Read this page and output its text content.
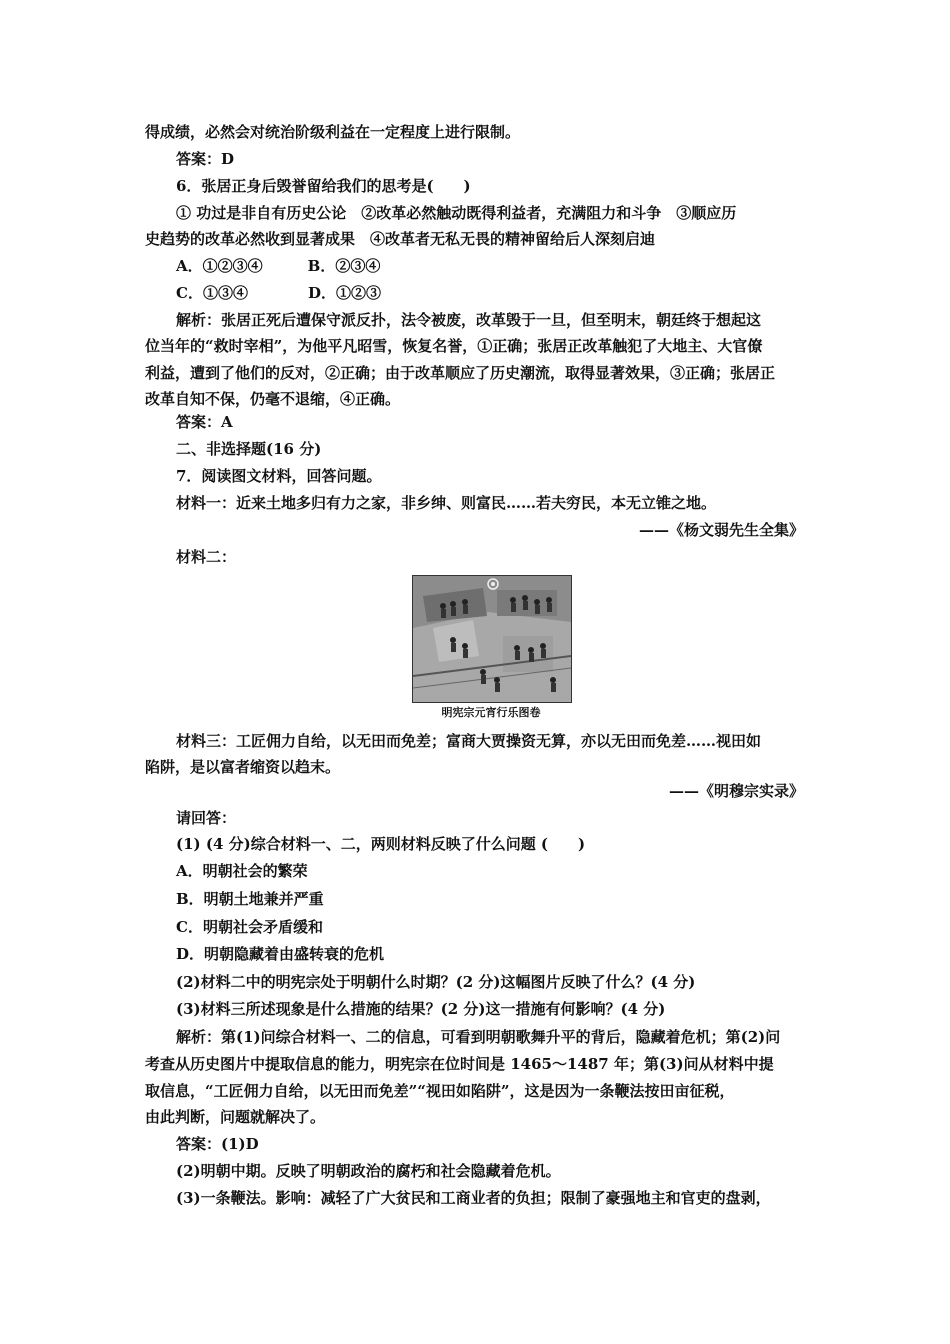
得成绩，必然会对统治阶级利益在一定程度上进行限制。
答案：D
6．张居正身后毁誉留给我们的思考是(　　)
① 功过是非自有历史公论　②改革必然触动既得利益者，充满阻力和斗争　③顺应历
史趋势的改革必然收到显著成果　④改革者无私无畏的精神留给后人深刻启迪
A．①②③④　　　B．②③④
C．①③④　　　　D．①②③
解析：张居正死后遭保守派反扑，法令被废，改革毁于一旦，但至明末，朝廷终于想起这
位当年的“救时宰相”，为他平凡昭雪，恢复名誉，①正确；张居正改革触犯了大地主、大官僚
利益，遭到了他们的反对，②正确；由于改革顺应了历史潮流，取得显著效果，③正确；张居正
改革自知不保，仍毫不退缩，④正确。
答案：A
二、非选择题(16 分)
7．阅读图文材料，回答问题。
材料一：近来土地多归有力之家，非乡绅、则富民……若夫穷民，本无立锥之地。
——《杨文弱先生全集》
材料二：
明宪宗元宵行乐图卷
材料三：工匠佣力自给，以无田而免差；富商大贾操资无算，亦以无田而免差……视田如
陷阱，是以富者缩资以趋末。
——《明穆宗实录》
请回答：
(1) (4 分)综合材料一、二，两则材料反映了什么问题 (　　)
A．明朝社会的繁荣
B．明朝土地兼并严重
C．明朝社会矛盾缓和
D．明朝隐藏着由盛转衰的危机
(2)材料二中的明宪宗处于明朝什么时期？(2 分)这幅图片反映了什么？(4 分)
(3)材料三所述现象是什么措施的结果？(2 分)这一措施有何影响？(4 分)
解析：第(1)问综合材料一、二的信息，可看到明朝歌舞升平的背后，隐藏着危机；第(2)问
考查从历史图片中提取信息的能力，明宪宗在位时间是 1465～1487 年；第(3)问从材料中提
取信息，“工匠佣力自给，以无田而免差”“视田如陷阱”，这是因为一条鞭法按田亩征税，
由此判断，问题就解决了。
答案：(1)D
(2)明朝中期。反映了明朝政治的腐朽和社会隐藏着危机。
(3)一条鞭法。影响：减轻了广大贫民和工商业者的负担；限制了豪强地主和官吏的盘剥，
